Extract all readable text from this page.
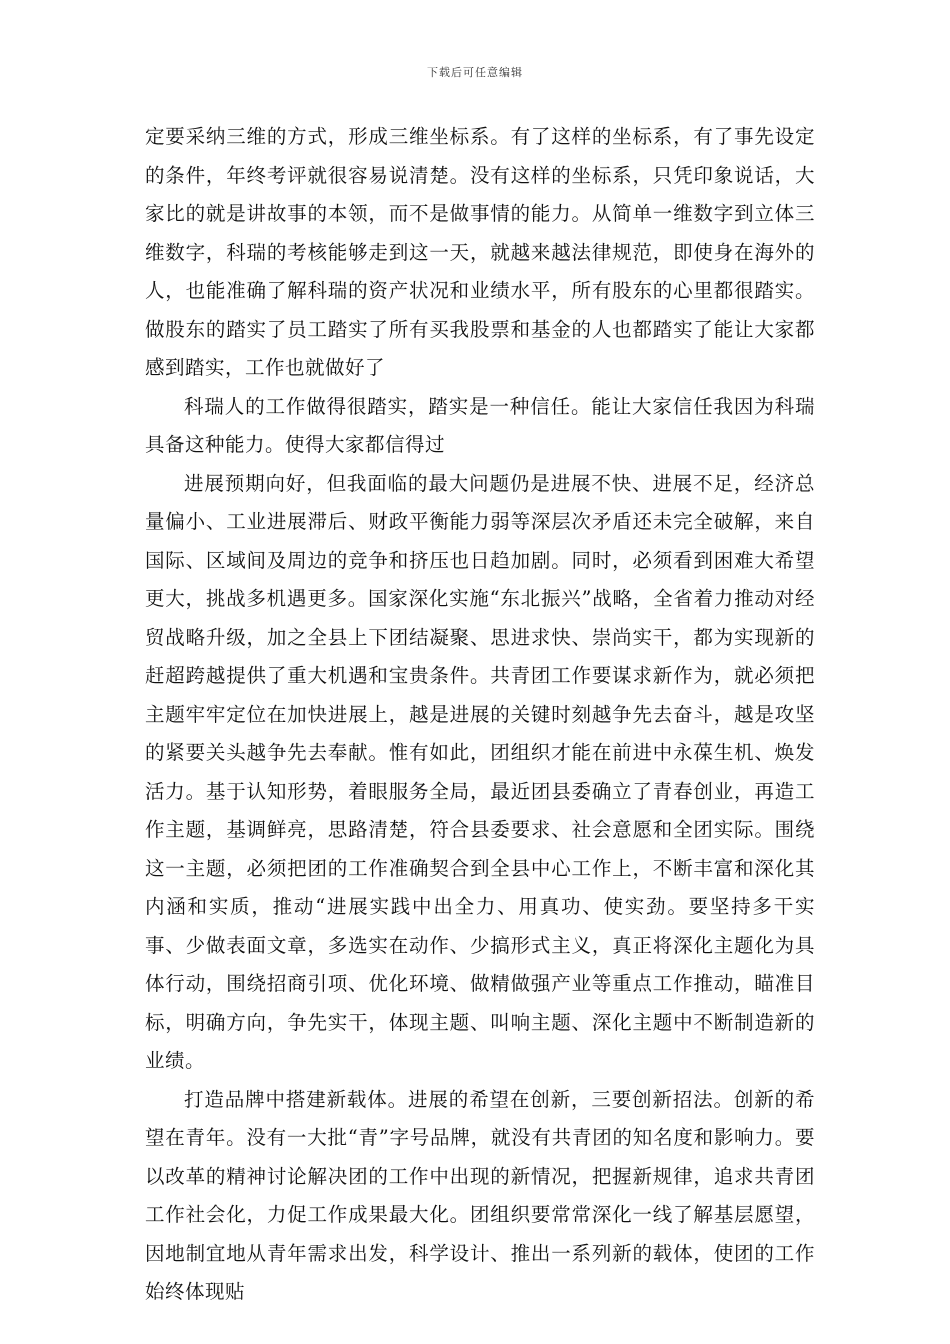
下载后可任意编辑

定要采纳三维的方式，形成三维坐标系。有了这样的坐标系，有了事先设定的条件，年终考评就很容易说清楚。没有这样的坐标系，只凭印象说话，大家比的就是讲故事的本领，而不是做事情的能力。从简单一维数字到立体三维数字，科瑞的考核能够走到这一天，就越来越法律规范，即使身在海外的人，也能准确了解科瑞的资产状况和业绩水平，所有股东的心里都很踏实。做股东的踏实了员工踏实了所有买我股票和基金的人也都踏实了能让大家都感到踏实，工作也就做好了

科瑞人的工作做得很踏实，踏实是一种信任。能让大家信任我因为科瑞具备这种能力。使得大家都信得过

进展预期向好，但我面临的最大问题仍是进展不快、进展不足，经济总量偏小、工业进展滞后、财政平衡能力弱等深层次矛盾还未完全破解，来自国际、区域间及周边的竞争和挤压也日趋加剧。同时，必须看到困难大希望更大，挑战多机遇更多。国家深化实施“东北振兴”战略，全省着力推动对经贸战略升级，加之全县上下团结凝聚、思进求快、崇尚实干，都为实现新的赶超跨越提供了重大机遇和宝贵条件。共青团工作要谋求新作为，就必须把主题牢牢定位在加快进展上，越是进展的关键时刻越争先去奋斗，越是攻坚的紧要关头越争先去奉献。惟有如此，团组织才能在前进中永葆生机、焕发活力。基于认知形势，着眼服务全局，最近团县委确立了青春创业，再造工作主题，基调鲜亮，思路清楚，符合县委要求、社会意愿和全团实际。围绕这一主题，必须把团的工作准确契合到全县中心工作上，不断丰富和深化其内涵和实质，推动“进展实践中出全力、用真功、使实劲。要坚持多干实事、少做表面文章，多选实在动作、少搞形式主义，真正将深化主题化为具体行动，围绕招商引项、优化环境、做精做强产业等重点工作推动，瞄准目标，明确方向，争先实干，体现主题、叫响主题、深化主题中不断制造新的业绩。

打造品牌中搭建新载体。进展的希望在创新，三要创新招法。创新的希望在青年。没有一大批“青”字号品牌，就没有共青团的知名度和影响力。要以改革的精神讨论解决团的工作中出现的新情况，把握新规律，追求共青团工作社会化，力促工作成果最大化。团组织要常常深化一线了解基层愿望，因地制宜地从青年需求出发，科学设计、推出一系列新的载体，使团的工作始终体现贴
